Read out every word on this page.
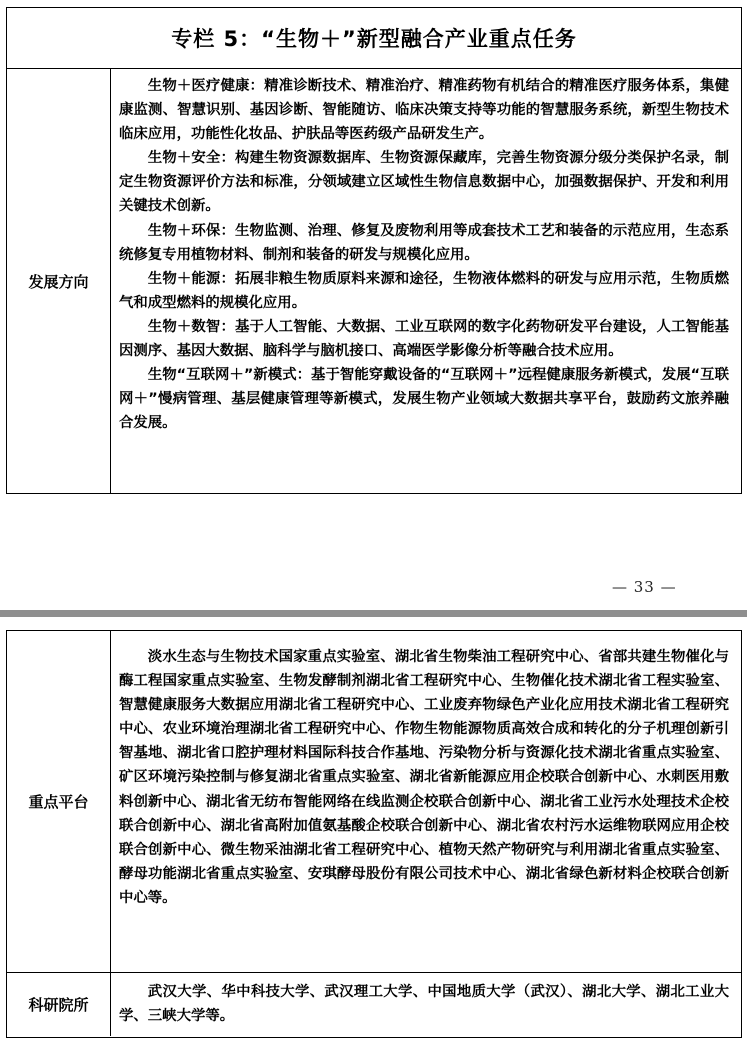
专栏 5：“生物＋”新型融合产业重点任务
发展方向
生物＋医疗健康：精准诊断技术、精准治疗、精准药物有机结合的精准医疗服务体系，集健康监测、智慧识别、基因诊断、智能随访、临床决策支持等功能的智慧服务系统，新型生物技术临床应用，功能性化妆品、护肤品等医药级产品研发生产。
生物＋安全：构建生物资源数据库、生物资源保藏库，完善生物资源分级分类保护名录，制定生物资源评价方法和标准，分领域建立区域性生物信息数据中心，加强数据保护、开发和利用关键技术创新。
生物＋环保：生物监测、治理、修复及废物利用等成套技术工艺和装备的示范应用，生态系统修复专用植物材料、制剂和装备的研发与规模化应用。
生物＋能源：拓展非粮生物质原料来源和途径，生物液体燃料的研发与应用示范，生物质燃气和成型燃料的规模化应用。
生物＋数智：基于人工智能、大数据、工业互联网的数字化药物研发平台建设，人工智能基因测序、基因大数据、脑科学与脑机接口、高端医学影像分析等融合技术应用。
生物“互联网＋”新模式：基于智能穿戴设备的“互联网＋”远程健康服务新模式，发展“互联网＋”慢病管理、基层健康管理等新模式，发展生物产业领域大数据共享平台，鼓励药文旅养融合发展。
— 33 —
重点平台
淡水生态与生物技术国家重点实验室、湖北省生物柴油工程研究中心、省部共建生物催化与酶工程国家重点实验室、生物发酵制剂湖北省工程研究中心、生物催化技术湖北省工程实验室、智慧健康服务大数据应用湖北省工程研究中心、工业废弃物绿色产业化应用技术湖北省工程研究中心、农业环境治理湖北省工程研究中心、作物生物能源物质高效合成和转化的分子机理创新引智基地、湖北省口腔护理材料国际科技合作基地、污染物分析与资源化技术湖北省重点实验室、矿区环境污染控制与修复湖北省重点实验室、湖北省新能源应用企校联合创新中心、水刺医用敷料创新中心、湖北省无纺布智能网络在线监测企校联合创新中心、湖北省工业污水处理技术企校联合创新中心、湖北省高附加值氨基酸企校联合创新中心、湖北省农村污水运维物联网应用企校联合创新中心、微生物采油湖北省工程研究中心、植物天然产物研究与利用湖北省重点实验室、酵母功能湖北省重点实验室、安琪酵母股份有限公司技术中心、湖北省绿色新材料企校联合创新中心等。
科研院所
武汉大学、华中科技大学、武汉理工大学、中国地质大学（武汉）、湖北大学、湖北工业大学、三峡大学等。
